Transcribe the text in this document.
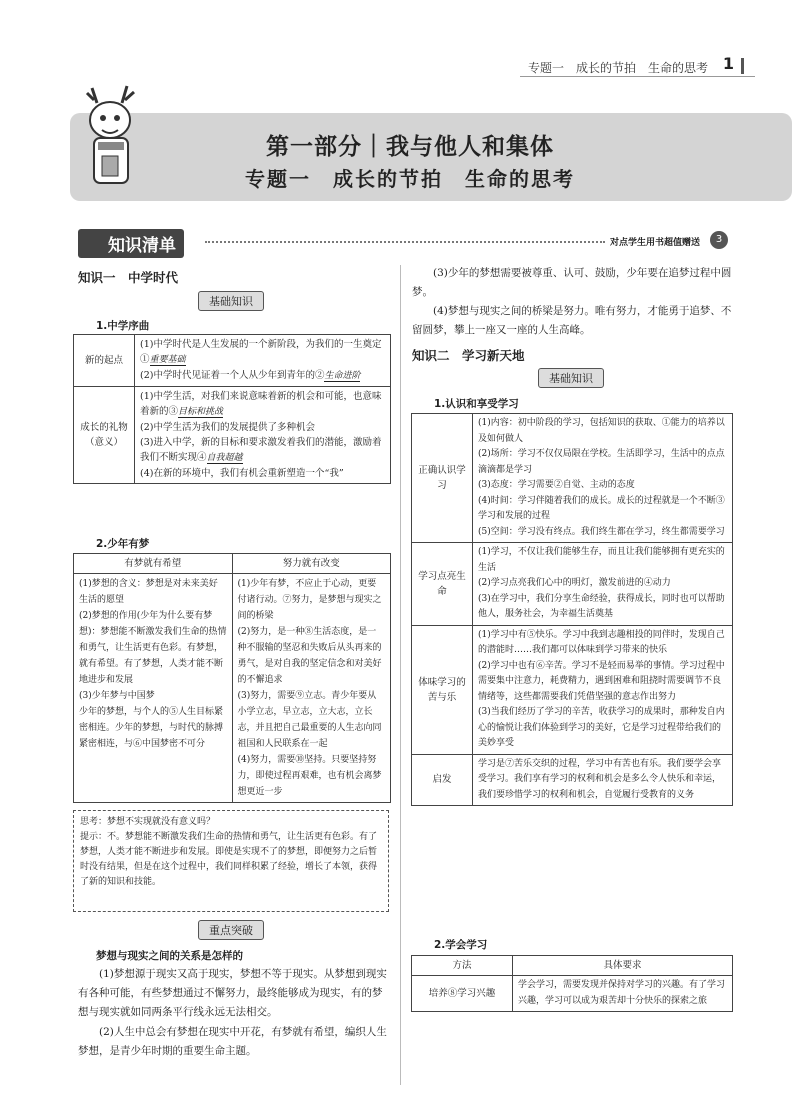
专题一　成长的节拍　生命的思考 1
第一部分｜我与他人和集体
专题一　成长的节拍　生命的思考
知识清单	对点学生用书超值赠送	3
知识一　中学时代
基础知识
1.中学序曲
新的起点	(1)中学时代是人生发展的一个新阶段，为我们的一生奠定①重要基础
(2)中学时代见证着一个人从少年到青年的②生命进阶
成长的礼物（意义）	(1)中学生活，对我们来说意味着新的机会和可能，也意味着新的③目标和挑战
(2)中学生活为我们的发展提供了多种机会
(3)进入中学，新的目标和要求激发着我们的潜能，激励着我们不断实现④自我超越
(4)在新的环境中，我们有机会重新塑造一个“我”
2.少年有梦
有梦就有希望	努力就有改变
(1)梦想的含义：梦想是对未来美好生活的愿望
(2)梦想的作用(少年为什么要有梦想)：梦想能不断激发我们生命的热情和勇气，让生活更有色彩。有梦想，就有希望。有了梦想，人类才能不断地进步和发展
(3)少年梦与中国梦
少年的梦想，与个人的⑤人生目标紧密相连。少年的梦想，与时代的脉搏紧密相连，与⑥中国梦密不可分	(1)少年有梦，不应止于心动，更要付诸行动。⑦努力，是梦想与现实之间的桥梁
(2)努力，是一种⑧生活态度，是一种不服输的坚忍和失败后从头再来的勇气，是对自我的坚定信念和对美好的不懈追求
(3)努力，需要⑨立志。青少年要从小学立志，早立志，立大志，立长志，并且把自己最重要的人生志向同祖国和人民联系在一起
(4)努力，需要⑩坚持。只要坚持努力，即使过程再艰难，也有机会离梦想更近一步
思考：梦想不实现就没有意义吗？
提示：不。梦想能不断激发我们生命的热情和勇气，让生活更有色彩。有了梦想，人类才能不断进步和发展。即使是实现不了的梦想，即便努力之后暂时没有结果，但是在这个过程中，我们同样积累了经验，增长了本领，获得了新的知识和技能。
重点突破
梦想与现实之间的关系是怎样的
(1)梦想源于现实又高于现实，梦想不等于现实。从梦想到现实有各种可能，有些梦想通过不懈努力，最终能够成为现实，有的梦想与现实就如同两条平行线永远无法相交。
(2)人生中总会有梦想在现实中开花，有梦就有希望，编织人生梦想，是青少年时期的重要生命主题。
(3)少年的梦想需要被尊重、认可、鼓励，少年要在追梦过程中圆梦。
(4)梦想与现实之间的桥梁是努力。唯有努力，才能勇于追梦、不留圆梦，攀上一座又一座的人生高峰。
知识二　学习新天地
基础知识
1.认识和享受学习
正确认识学习	(1)内容：初中阶段的学习，包括知识的获取、①能力的培养以及如何做人
(2)场所：学习不仅仅局限在学校。生活即学习，生活中的点点滴滴都是学习
(3)态度：学习需要②自觉、主动的态度
(4)时间：学习伴随着我们的成长。成长的过程就是一个不断③学习和发展的过程
(5)空间：学习没有终点。我们终生都在学习，终生都需要学习
学习点亮生命	(1)学习，不仅让我们能够生存，而且让我们能够拥有更充实的生活
(2)学习点亮我们心中的明灯，激发前进的④动力
(3)在学习中，我们分享生命经验，获得成长，同时也可以帮助他人，服务社会，为幸福生活奠基
体味学习的苦与乐	(1)学习中有⑤快乐。学习中我到志趣相投的同伴时，发现自己的潜能时……我们都可以体味到学习带来的快乐
(2)学习中也有⑥辛苦。学习不是轻而易举的事情。学习过程中需要集中注意力，耗费精力，遇到困难和阻挠时需要调节不良情绪等，这些都需要我们凭借坚强的意志作出努力
(3)当我们经历了学习的辛苦，收获学习的成果时，那种发自内心的愉悦让我们体验到学习的美好，它是学习过程带给我们的美妙享受
启发	学习是⑦苦乐交织的过程，学习中有苦也有乐。我们要学会享受学习。我们享有学习的权利和机会是多么令人快乐和幸运，我们要珍惜学习的权利和机会，自觉履行受教育的义务
2.学会学习
方法	具体要求
培养⑧学习兴趣	学会学习，需要发现并保持对学习的兴趣。有了学习兴趣，学习可以成为艰苦却十分快乐的探索之旅
